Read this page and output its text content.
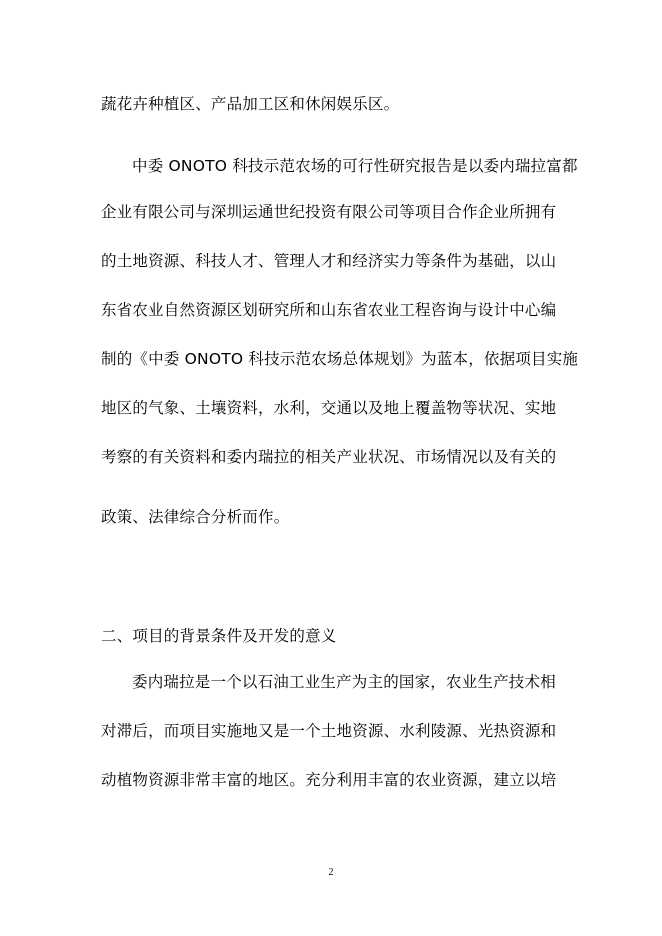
蔬花卉种植区、产品加工区和休闲娱乐区。
中委 ONOTO 科技示范农场的可行性研究报告是以委内瑞拉富都
企业有限公司与深圳运通世纪投资有限公司等项目合作企业所拥有
的土地资源、科技人才、管理人才和经济实力等条件为基础，以山
东省农业自然资源区划研究所和山东省农业工程咨询与设计中心编
制的《中委 ONOTO 科技示范农场总体规划》为蓝本，依据项目实施
地区的气象、土壤资料，水利，交通以及地上覆盖物等状况、实地
考察的有关资料和委内瑞拉的相关产业状况、市场情况以及有关的
政策、法律综合分析而作。
二、项目的背景条件及开发的意义
委内瑞拉是一个以石油工业生产为主的国家，农业生产技术相
对滞后，而项目实施地又是一个土地资源、水利陵源、光热资源和
动植物资源非常丰富的地区。充分利用丰富的农业资源，建立以培
2
